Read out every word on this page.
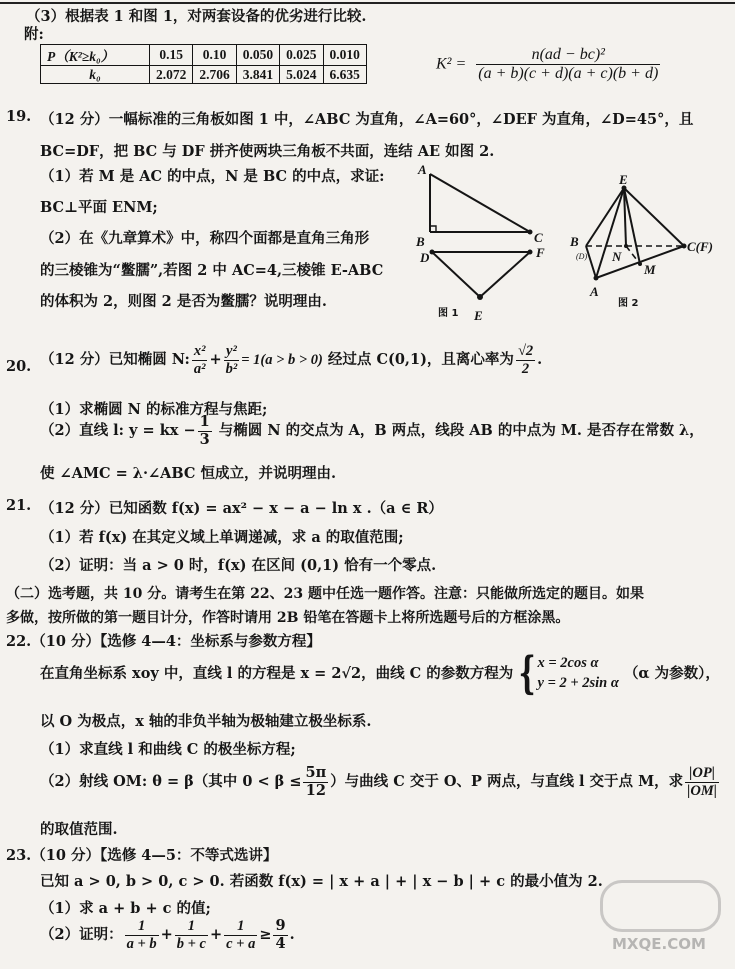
（3）根据表 1 和图 1，对两套设备的优劣进行比较.
附:
P（K²≥k₀）	0.15	0.10	0.050	0.025	0.010
k₀	2.072	2.706	3.841	5.024	6.635
$K^2 = \frac{\text{n(ad − bc)²}}{(a + b)(c + d)(a + c)(b + d)}$
19. （12 分）一幅标准的三角板如图 1 中，∠ABC 为直角，∠A=60°，∠DEF 为直角，∠D=45°，且
BC=DF，把 BC 与 DF 拼齐使两块三角板不共面，连结 AE 如图 2.
（1）若 M 是 AC 的中点，N 是 BC 的中点，求证:
BC⊥平面 ENM;
（2）在《九章算术》中，称四个面都是直角三角形
的三棱锥为“鳖臑”,若图 2 中 AC=4,三棱锥 E-ABC
的体积为 2，则图 2 是否为鳖臑？说明理由.
A
B	C
F
D
E
图 1
E
B
N
M
C(F)
A
(D)
图 2
20. （12 分）已知椭圆 N: $\frac{\text{x²}}{\text{a²}} + \frac{\text{y²}}{\text{b²}} = 1(a > b > 0)$ 经过点 C(0,1)，且离心率为 $\frac{√2}{2}$ .
（1）求椭圆 N 的标准方程与焦距;
（2）直线 l: y = kx − $\frac{1}{3}$ 与椭圆 N 的交点为 A，B 两点，线段 AB 的中点为 M. 是否存在常数 λ，
使 ∠AMC = λ·∠ABC 恒成立，并说明理由.
21. （12 分）已知函数 f(x) = ax² − x − a − ln x .（a ∈ R）
（1）若 f(x) 在其定义域上单调递减，求 a 的取值范围;
（2）证明：当 a > 0 时，f(x) 在区间 (0,1) 恰有一个零点.
（二）选考题，共 10 分。请考生在第 22、23 题中任选一题作答。注意：只能做所选定的题目。如果
多做，按所做的第一题目计分，作答时请用 2B 铅笔在答题卡上将所选题号后的方框涂黑。
22.（10 分）【选修 4—4：坐标系与参数方程】
在直角坐标系 xoy 中，直线 l 的方程是 x = 2√2，曲线 C 的参数方程为 { x = 2cos α
y = 2 + 2sin α
（α 为参数），
以 O 为极点，x 轴的非负半轴为极轴建立极坐标系.
（1）求直线 l 和曲线 C 的极坐标方程;
（2）射线 OM: θ = β（其中 $0 < \beta \le \frac{5\pi}{12}$ ）与曲线 C 交于 O、P 两点，与直线 l 交于点 M，求 $\frac{|OP|}{|OM|}$
的取值范围.
23.（10 分）【选修 4—5：不等式选讲】
已知 a > 0, b > 0, c > 0. 若函数 f(x) = | x + a | + | x − b | + c 的最小值为 2.
（1）求 a + b + c 的值;
（2）证明： $\frac{1}{a + b} + \frac{1}{b + c} + \frac{1}{c + a} \ge \frac{9}{4}$ .
MXQE.COM
